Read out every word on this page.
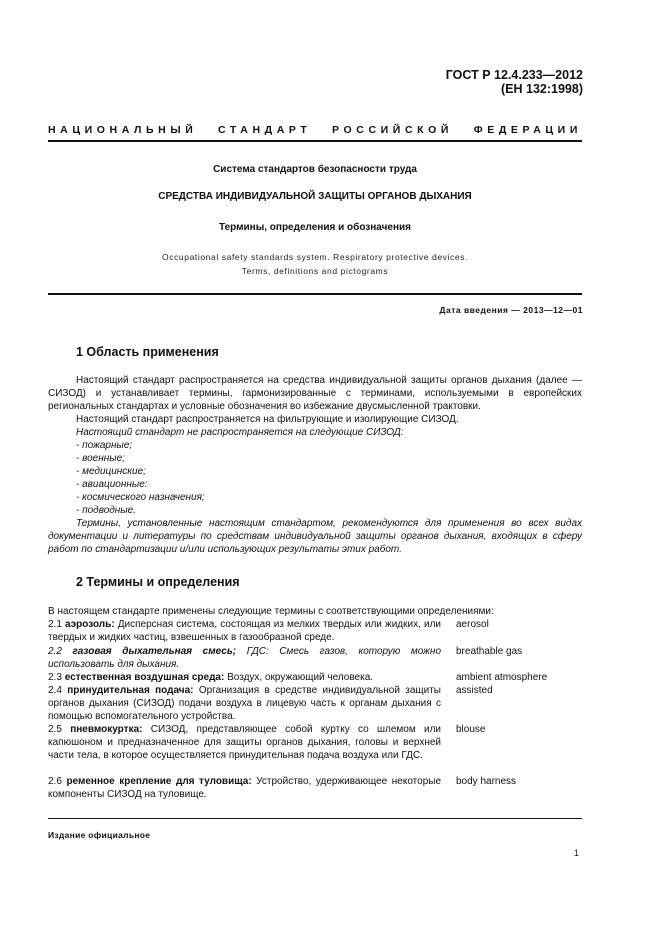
ГОСТ Р 12.4.233—2012
(ЕН 132:1998)
НАЦИОНАЛЬНЫЙ СТАНДАРТ РОССИЙСКОЙ ФЕДЕРАЦИИ
Система стандартов безопасности труда
СРЕДСТВА ИНДИВИДУАЛЬНОЙ ЗАЩИТЫ ОРГАНОВ ДЫХАНИЯ
Термины, определения и обозначения
Occupational safety standards system. Respiratory protective devices.
Terms, definitions and pictograms
Дата введения — 2013—12—01
1 Область применения

Настоящий стандарт распространяется на средства индивидуальной защиты органов дыхания (далее — СИЗОД) и устанавливает термины, гармонизированные с терминами, используемыми в европейских региональных стандартах и условные обозначения во избежание двусмысленной трактовки.

Настоящий стандарт распространяется на фильтрующие и изолирующие СИЗОД.

Настоящий стандарт не распространяется на следующие СИЗОД:

- пожарные;

- военные;

- медицинские;

- авиационные:

- космического назначения;

- подводные.

Термины, установленные настоящим стандартом, рекомендуются для применения во всех видах документации и литературы по средствам индивидуальной защиты органов дыхания, входящих в сферу работ по стандартизации и/или использующих результаты этих работ.

2 Термины и определения
В настоящем стандарте применены следующие термины с соответствующими определениями:
2.1 аэрозоль: Дисперсная система, состоящая из мелких твердых или жидких, или твердых и жидких частиц, взвешенных в газообразной среде.
aerosol
2.2 газовая дыхательная смесь; ГДС: Смесь газов, которую можно использовать для дыхания.
breathable gas
2.3 естественная воздушная среда: Воздух, окружающий человека.	ambient atmosphere
2.4 принудительная подача: Организация в средстве индивидуальной защиты органов дыхания (СИЗОД) подачи воздуха в лицевую часть к органам дыхания с помощью вспомогательного устройства.
assisted
2.5 пневмокуртка: СИЗОД, представляющее собой куртку со шлемом или капюшоном и предназначенное для защиты органов дыхания, головы и верхней части тела, в которое осуществляется принудительная подача воздуха или ГДС.
blouse
2.6 ременное крепление для туловища: Устройство, удерживающее некоторые компоненты СИЗОД на туловище.
body harness
Издание официальное
1
